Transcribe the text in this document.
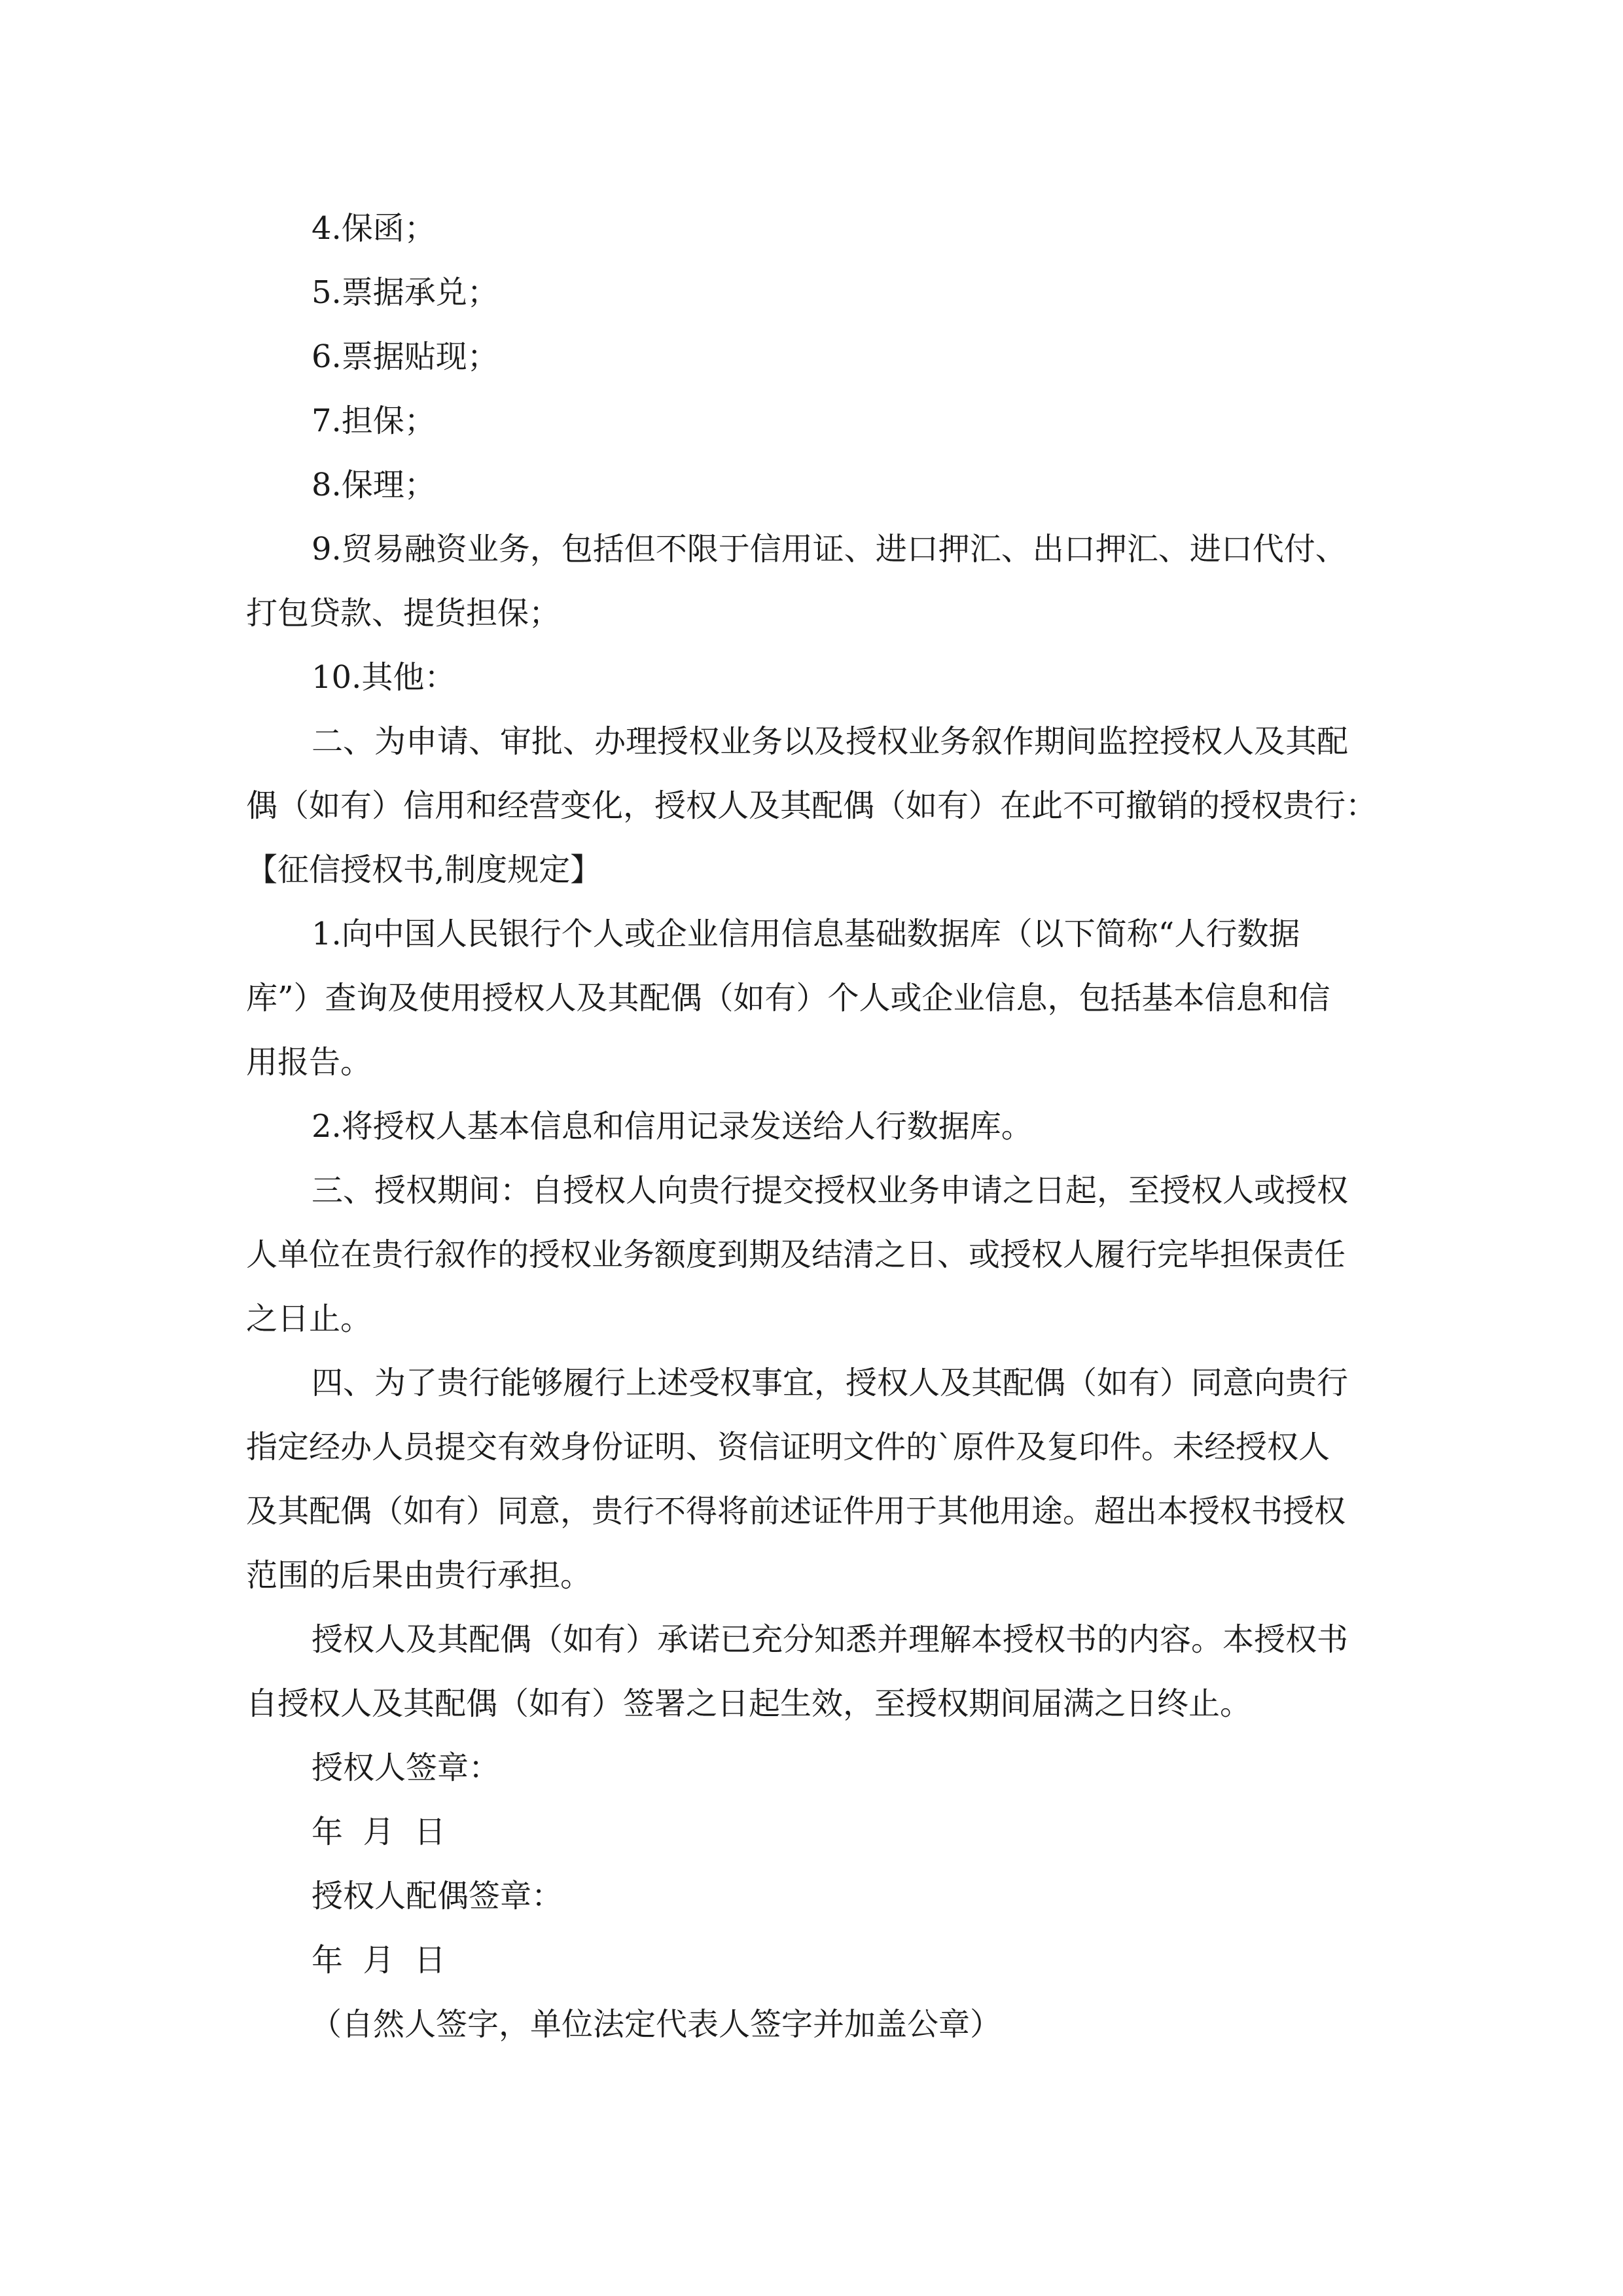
4.保函；

5.票据承兑；

6.票据贴现；

7.担保；

8.保理；

9.贸易融资业务，包括但不限于信用证、进口押汇、出口押汇、进口代付、

打包贷款、提货担保；

10.其他：

二、为申请、审批、办理授权业务以及授权业务叙作期间监控授权人及其配

偶（如有）信用和经营变化，授权人及其配偶（如有）在此不可撤销的授权贵行：

【征信授权书,制度规定】

1.向中国人民银行个人或企业信用信息基础数据库（以下简称“人行数据

库”）查询及使用授权人及其配偶（如有）个人或企业信息，包括基本信息和信

用报告。

2.将授权人基本信息和信用记录发送给人行数据库。

三、授权期间：自授权人向贵行提交授权业务申请之日起，至授权人或授权

人单位在贵行叙作的授权业务额度到期及结清之日、或授权人履行完毕担保责任

之日止。

四、为了贵行能够履行上述受权事宜，授权人及其配偶（如有）同意向贵行

指定经办人员提交有效身份证明、资信证明文件的`原件及复印件。未经授权人

及其配偶（如有）同意，贵行不得将前述证件用于其他用途。超出本授权书授权

范围的后果由贵行承担。

授权人及其配偶（如有）承诺已充分知悉并理解本授权书的内容。本授权书

自授权人及其配偶（如有）签署之日起生效，至授权期间届满之日终止。

授权人签章：

年  月  日

授权人配偶签章：

年  月  日

（自然人签字，单位法定代表人签字并加盖公章）
